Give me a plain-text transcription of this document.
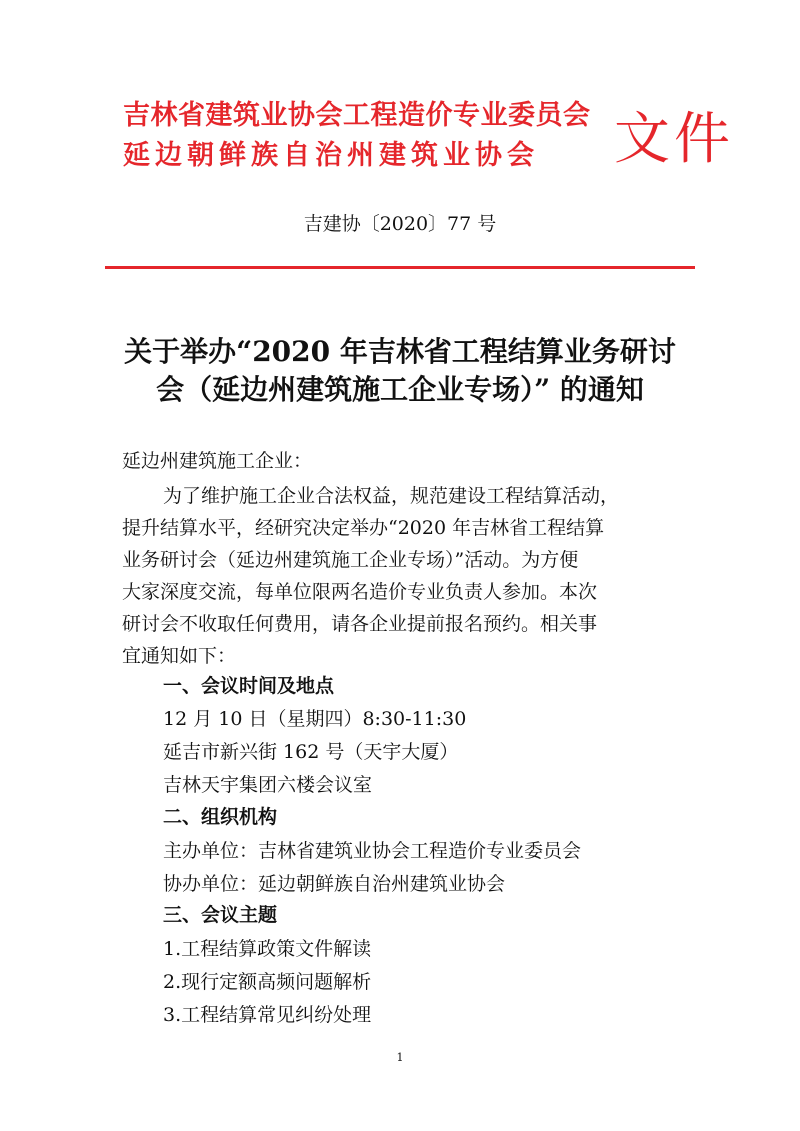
吉林省建筑业协会工程造价专业委员会
延边朝鲜族自治州建筑业协会 文件
吉建协〔2020〕77 号
关于举办“2020 年吉林省工程结算业务研讨
会（延边州建筑施工企业专场）” 的通知
延边州建筑施工企业：
为了维护施工企业合法权益，规范建设工程结算活动，
提升结算水平，经研究决定举办“2020 年吉林省工程结算
业务研讨会（延边州建筑施工企业专场）”活动。为方便
大家深度交流，每单位限两名造价专业负责人参加。本次
研讨会不收取任何费用，请各企业提前报名预约。相关事
宜通知如下：
一、会议时间及地点
12 月 10 日（星期四）8:30-11:30
延吉市新兴街 162 号（天宇大厦）
吉林天宇集团六楼会议室
二、组织机构
主办单位：吉林省建筑业协会工程造价专业委员会
协办单位：延边朝鲜族自治州建筑业协会
三、会议主题
1.工程结算政策文件解读
2.现行定额高频问题解析
3.工程结算常见纠纷处理
1
